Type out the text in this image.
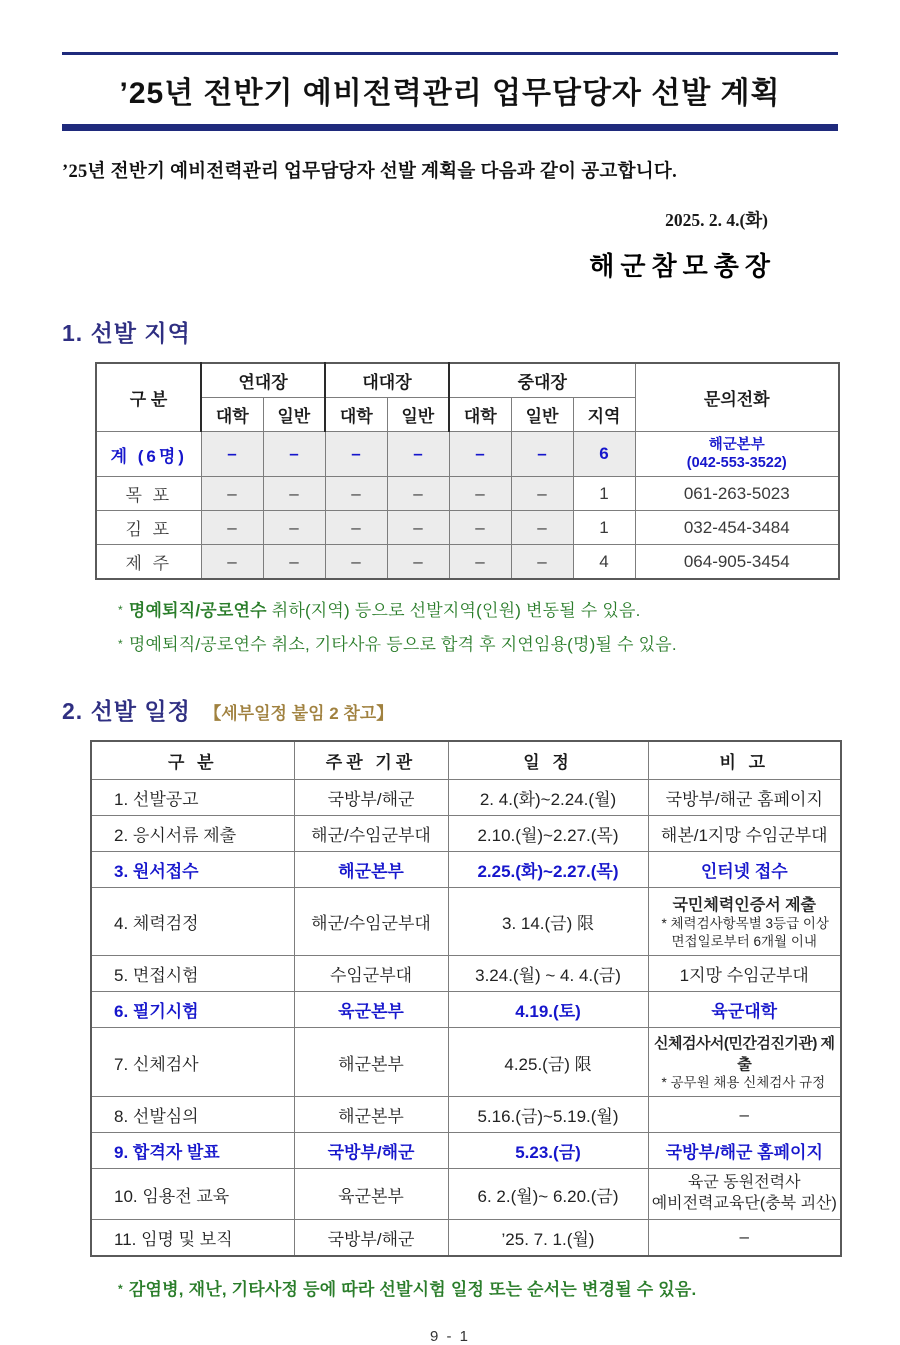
’25년 전반기 예비전력관리 업무담당자 선발 계획

’25년 전반기 예비전력관리 업무담당자 선발 계획을 다음과 같이 공고합니다.

2025. 2. 4.(화)
해군참모총장
1. 선발 지역
구 분	연대장		대대장		중대장			문의전화
	대학	일반	대학	일반	대학	일반	지역	
계 (6명)	–	–	–	–	–	–	6	해군본부
(042-553-3522)

목 포	–	–	–	–	–	–	1	061-263-5023
김 포	–	–	–	–	–	–	1	032-454-3484
제 주	–	–	–	–	–	–	4	064-905-3454
* 명예퇴직/공로연수 취하(지역) 등으로 선발지역(인원) 변동될 수 있음.
* 명예퇴직/공로연수 취소, 기타사유 등으로 합격 후 지연임용(명)될 수 있음.
2. 선발 일정 【세부일정 붙임 2 참고】
구 분	주관 기관	일 정	비 고
1. 선발공고	국방부/해군	2. 4.(화)~2.24.(월)	국방부/해군 홈페이지
2. 응시서류 제출	해군/수임군부대	2.10.(월)~2.27.(목)	해본/1지망 수임군부대
3. 원서접수	해군본부	2.25.(화)~2.27.(목)	인터넷 접수
4. 체력검정	해군/수임군부대	3. 14.(금) 限	국민체력인증서 제출
* 체력검사항목별 3등급 이상
면접일로부터 6개월 이내

5. 면접시험	수임군부대	3.24.(월) ~ 4. 4.(금)	1지망 수임군부대
6. 필기시험	육군본부	4.19.(토)	육군대학
7. 신체검사	해군본부	4.25.(금) 限	신체검사서(민간검진기관) 제출
* 공무원 채용 신체검사 규정

8. 선발심의	해군본부	5.16.(금)~5.19.(월)	–
9. 합격자 발표	국방부/해군	5.23.(금)	국방부/해군 홈페이지
10. 임용전 교육	육군본부	6. 2.(월)~ 6.20.(금)	육군 동원전력사
예비전력교육단(충북 괴산)

11. 임명 및 보직	국방부/해군	’25. 7. 1.(월)	–
* 감염병, 재난, 기타사정 등에 따라 선발시험 일정 또는 순서는 변경될 수 있음.
9 - 1
